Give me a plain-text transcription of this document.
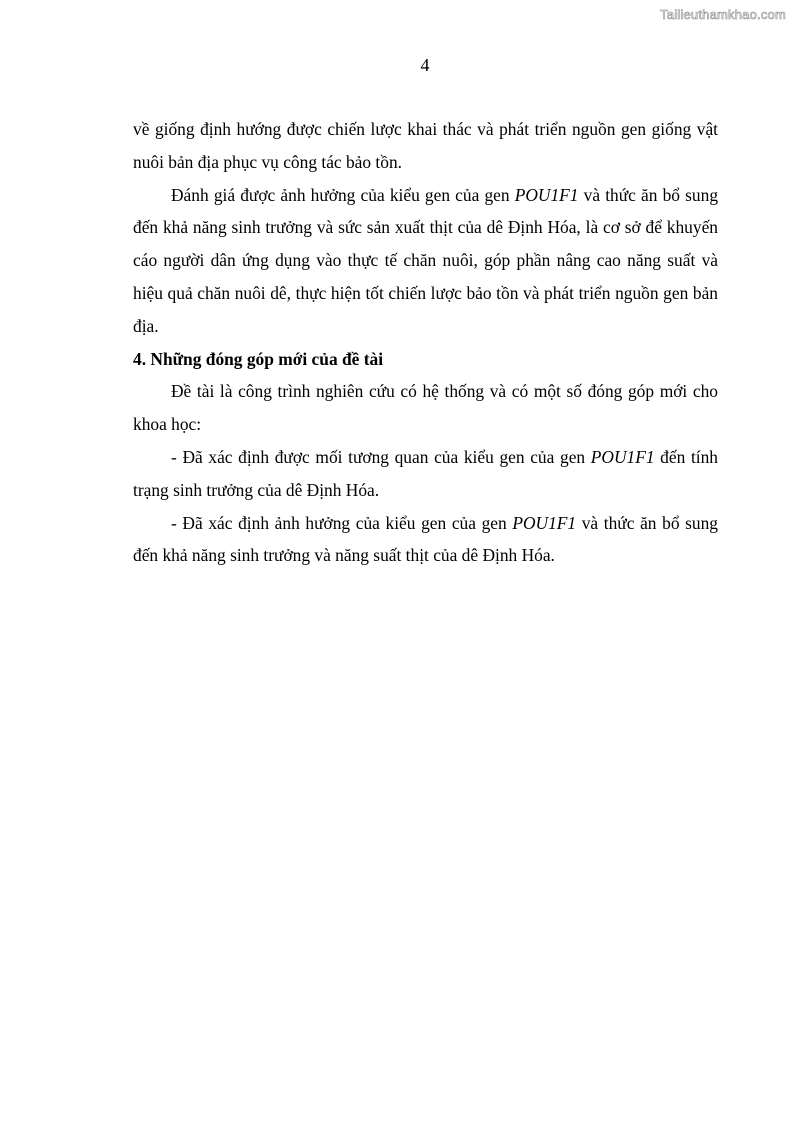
Tailieuthamkhao.com
4

về giống định hướng được chiến lược khai thác và phát triển nguồn gen giống vật nuôi bản địa phục vụ công tác bảo tồn.

Đánh giá được ảnh hưởng của kiểu gen của gen POU1F1 và thức ăn bổ sung đến khả năng sinh trưởng và sức sản xuất thịt của dê Định Hóa, là cơ sở để khuyến cáo người dân ứng dụng vào thực tế chăn nuôi, góp phần nâng cao năng suất và hiệu quả chăn nuôi dê, thực hiện tốt chiến lược bảo tồn và phát triển nguồn gen bản địa.

4. Những đóng góp mới của đề tài

Đề tài là công trình nghiên cứu có hệ thống và có một số đóng góp mới cho khoa học:

- Đã xác định được mối tương quan của kiểu gen của gen POU1F1 đến tính trạng sinh trưởng của dê Định Hóa.

- Đã xác định ảnh hưởng của kiểu gen của gen POU1F1 và thức ăn bổ sung đến khả năng sinh trưởng và năng suất thịt của dê Định Hóa.
